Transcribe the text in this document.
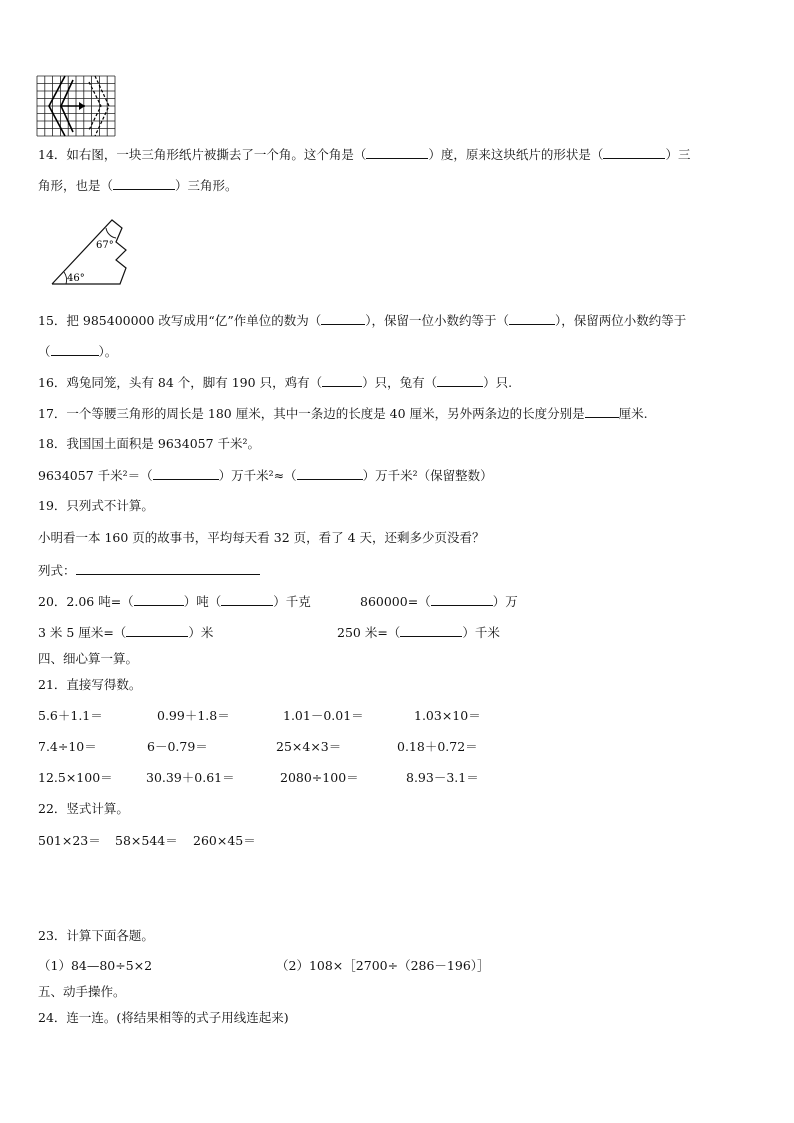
14．如右图，一块三角形纸片被撕去了一个角。这个角是（	）度，原来这块纸片的形状是（	）三
角形，也是（	）三角形。
67°
46°
15．把 985400000 改写成用“亿”作单位的数为（	），保留一位小数约等于（	），保留两位小数约等于
（	）。
16．鸡兔同笼，头有 84 个，脚有 190 只，鸡有（	）只，兔有（	）只.
17．一个等腰三角形的周长是 180 厘米，其中一条边的长度是 40 厘米，另外两条边的长度分别是	厘米.
18．我国国土面积是 9634057 千米²。
9634057 千米²＝（	）万千米²≈（	）万千米²（保留整数）
19．只列式不计算。
小明看一本 160 页的故事书，平均每天看 32 页，看了 4 天，还剩多少页没看？
列式：
20．2.06 吨=（	）吨（	）千克	860000=（	）万
3 米 5 厘米=（	）米	250 米=（	）千米
四、细心算一算。
21．直接写得数。
5.6＋1.1＝	0.99＋1.8＝	1.01－0.01＝	1.03×10＝
7.4÷10＝	6－0.79＝	25×4×3＝	0.18＋0.72＝
12.5×100＝	30.39＋0.61＝	2080÷100＝	8.93－3.1＝
22．竖式计算。
501×23＝ 58×544＝ 260×45＝
23．计算下面各题。
（1）84—80÷5×2	（2）108×［2700÷（286－196）］
五、动手操作。
24．连一连。(将结果相等的式子用线连起来)
